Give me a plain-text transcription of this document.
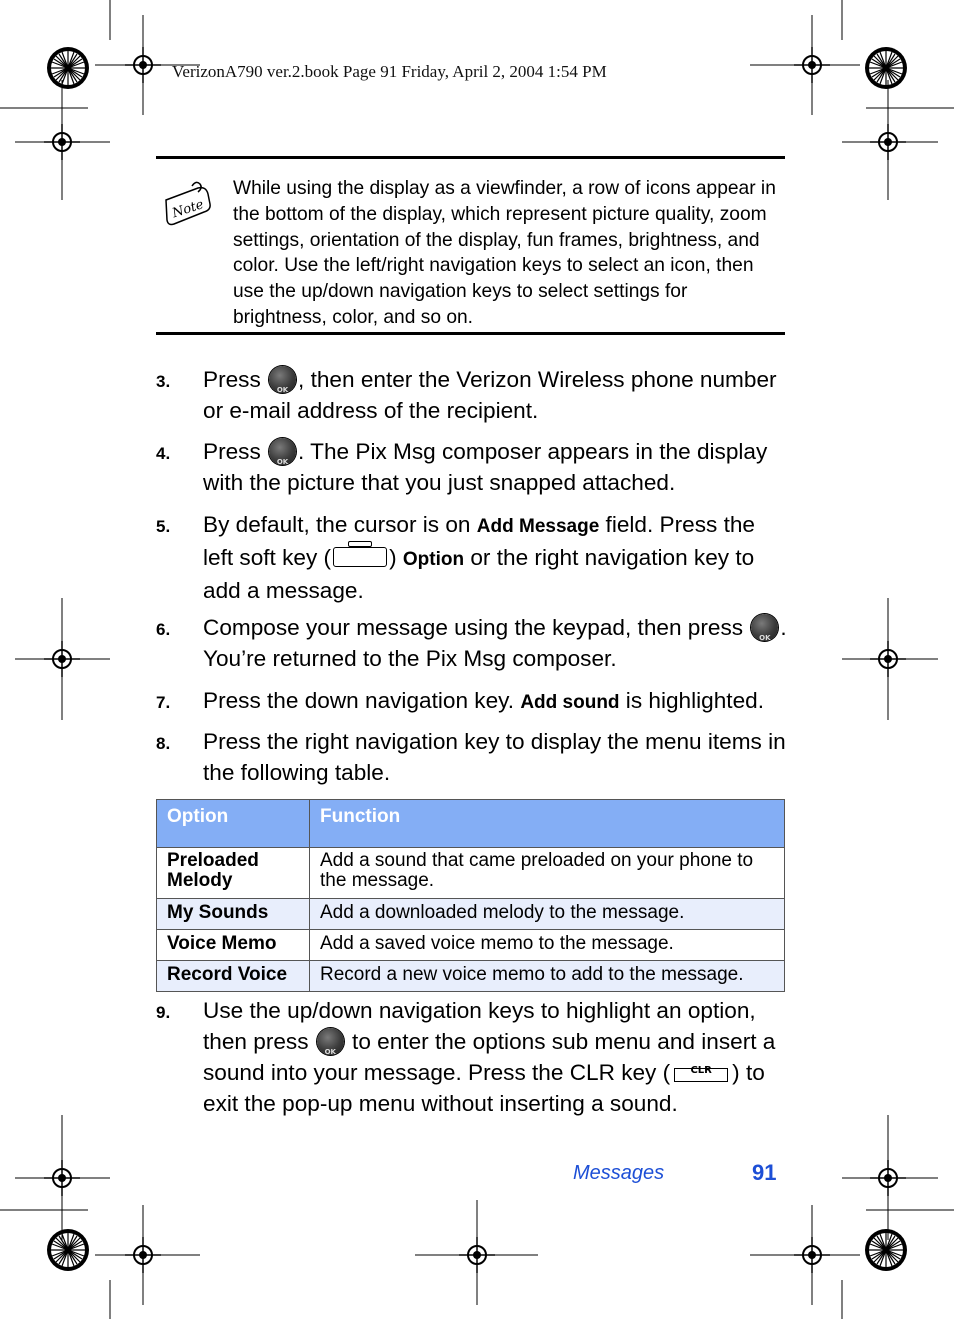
VerizonA790 ver.2.book Page 91 Friday, April 2, 2004 1:54 PM
Note
While using the display as a viewfinder, a row of icons appear in the bottom of the display, which represent picture quality, zoom settings, orientation of the display, fun frames, brightness, and color. Use the left/right navigation keys to select an icon, then use the up/down navigation keys to select settings for brightness, color, and so on.
3. Press OK, then enter the Verizon Wireless phone number or e-mail address of the recipient.
4. Press OK. The Pix Msg composer appears in the display with the picture that you just snapped attached.
5. By default, the cursor is on Add Message field. Press the left soft key (	) Option or the right navigation key to add a message.
6. Compose your message using the keypad, then press OK. You’re returned to the Pix Msg composer.
7. Press the down navigation key. Add sound is highlighted.
8. Press the right navigation key to display the menu items in the following table.
Option	Function
Preloaded Melody	Add a sound that came preloaded on your phone to the message.
My Sounds	Add a downloaded melody to the message.
Voice Memo	Add a saved voice memo to the message.
Record Voice	Record a new voice memo to add to the message.
9. Use the up/down navigation keys to highlight an option, then press OK to enter the options sub menu and insert a sound into your message. Press the CLR key (	CLR ) to exit the pop-up menu without inserting a sound.
Messages	91
